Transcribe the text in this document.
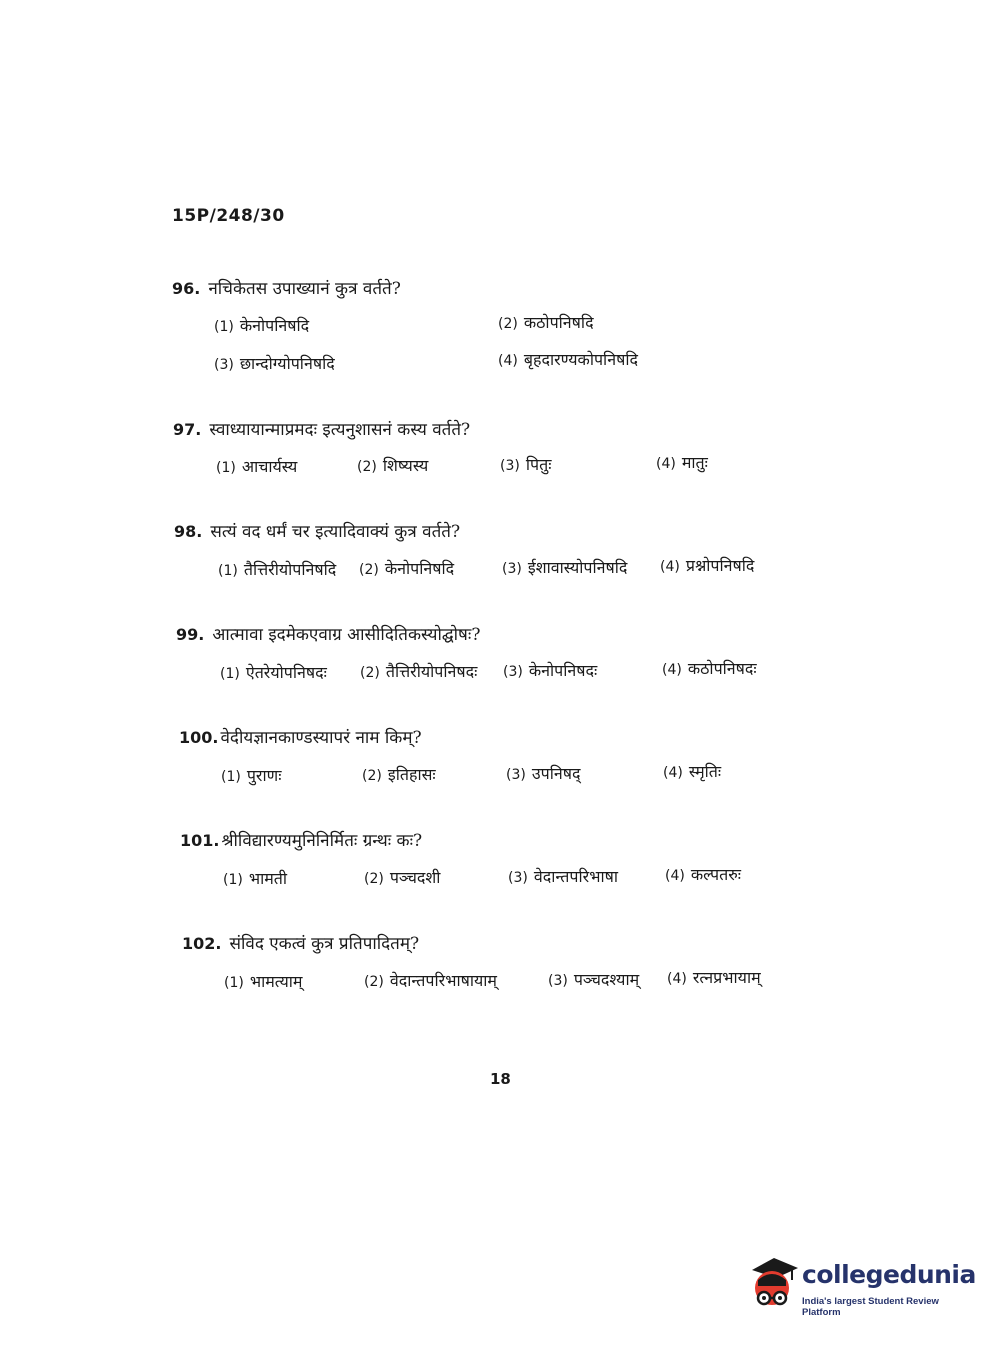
15P/248/30
96. नचिकेतस उपाख्यानं कुत्र वर्तते?
(1) केनोपनिषदि	(2) कठोपनिषदि
(3) छान्दोग्योपनिषदि	(4) बृहदारण्यकोपनिषदि
97. स्वाध्यायान्माप्रमदः इत्यनुशासनं कस्य वर्तते?
(1) आचार्यस्य	(2) शिष्यस्य	(3) पितुः	(4) मातुः
98. सत्यं वद धर्मं चर इत्यादिवाक्यं कुत्र वर्तते?
(1) तैत्तिरीयोपनिषदि (2) केनोपनिषदि	(3) ईशावास्योपनिषदि (4) प्रश्नोपनिषदि
99. आत्मावा इदमेकएवाग्र आसीदितिकस्योद्घोषः?
(1) ऐतरेयोपनिषदः (2) तैत्तिरीयोपनिषदः (3) केनोपनिषदः	(4) कठोपनिषदः
100. वेदीयज्ञानकाण्डस्यापरं नाम किम्?
(1) पुराणः	(2) इतिहासः	(3) उपनिषद्	(4) स्मृतिः
101. श्रीविद्यारण्यमुनिनिर्मितः ग्रन्थः कः?
(1) भामती	(2) पञ्चदशी	(3) वेदान्तपरिभाषा	(4) कल्पतरुः
102. संविद एकत्वं कुत्र प्रतिपादितम्?
(1) भामत्याम्	(2) वेदान्तपरिभाषायाम्	(3) पञ्चदश्याम् (4) रत्नप्रभायाम्
18
collegedunia
India's largest Student Review Platform
